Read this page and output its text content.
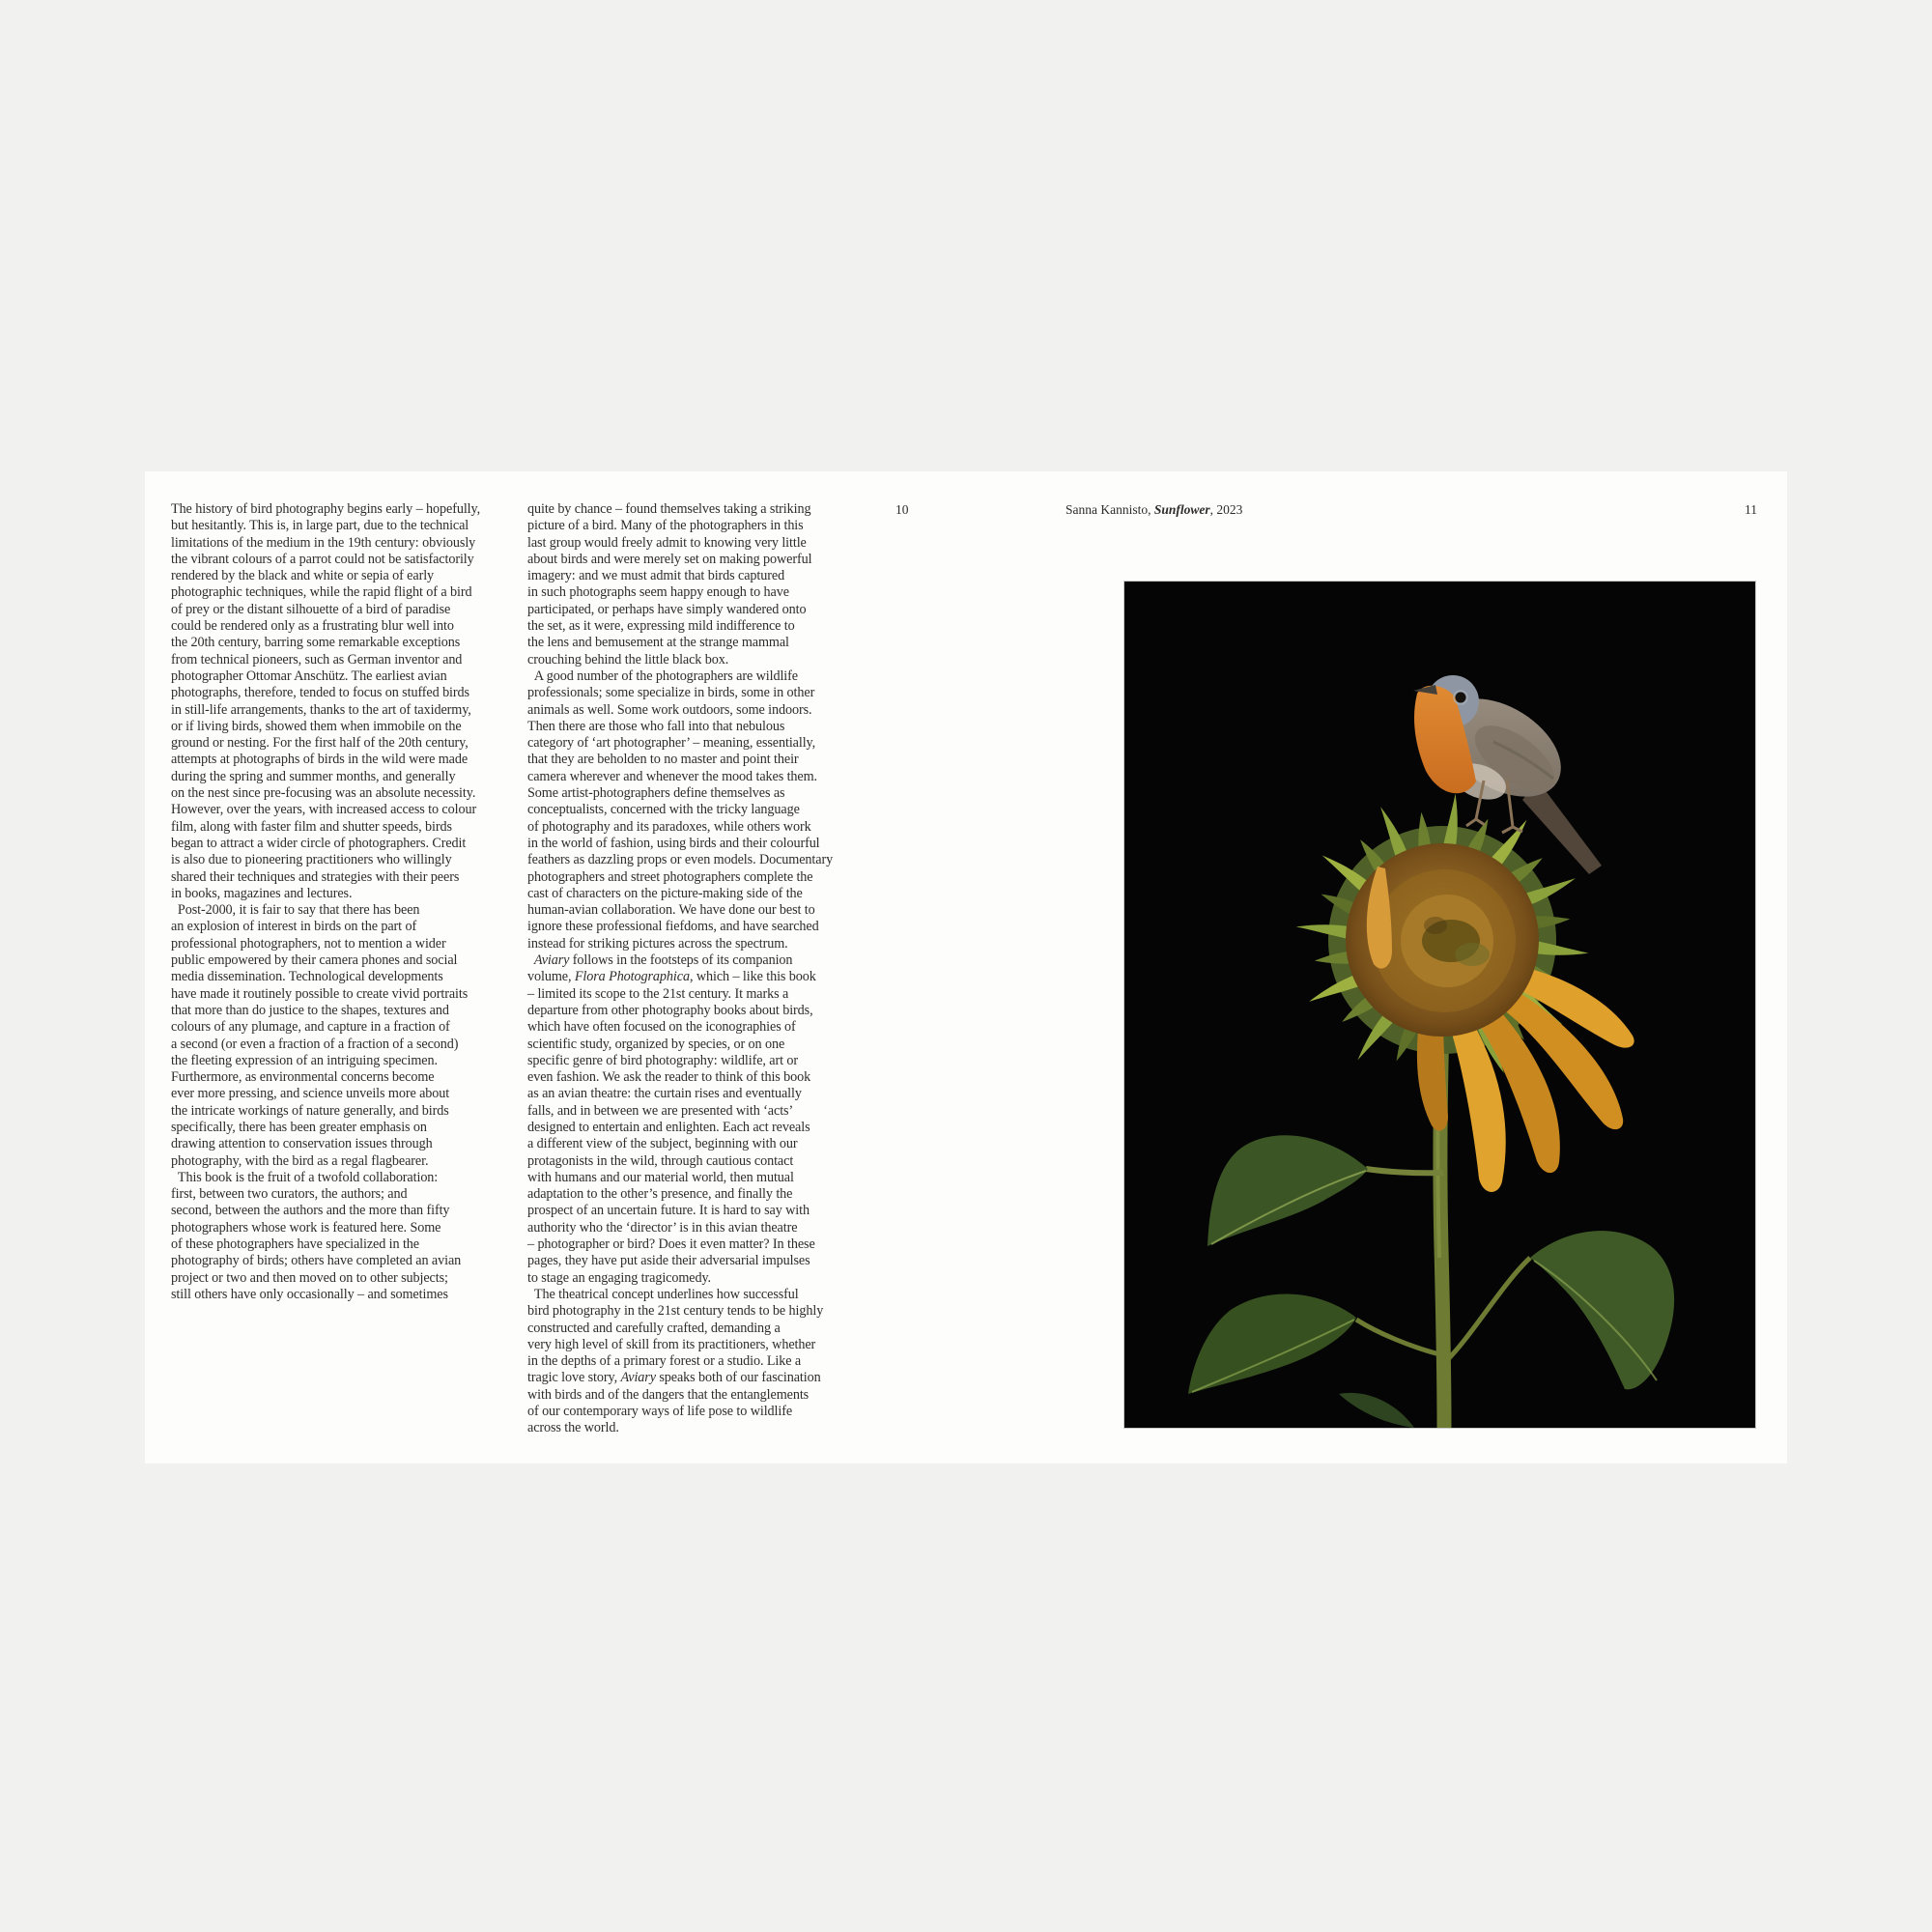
The history of bird photography begins early – hopefully,
but hesitantly. This is, in large part, due to the technical
limitations of the medium in the 19th century: obviously
the vibrant colours of a parrot could not be satisfactorily
rendered by the black and white or sepia of early
photographic techniques, while the rapid flight of a bird
of prey or the distant silhouette of a bird of paradise
could be rendered only as a frustrating blur well into
the 20th century, barring some remarkable exceptions
from technical pioneers, such as German inventor and
photographer Ottomar Anschütz. The earliest avian
photographs, therefore, tended to focus on stuffed birds
in still-life arrangements, thanks to the art of taxidermy,
or if living birds, showed them when immobile on the
ground or nesting. For the first half of the 20th century,
attempts at photographs of birds in the wild were made
during the spring and summer months, and generally
on the nest since pre-focusing was an absolute necessity.
However, over the years, with increased access to colour
film, along with faster film and shutter speeds, birds
began to attract a wider circle of photographers. Credit
is also due to pioneering practitioners who willingly
shared their techniques and strategies with their peers
in books, magazines and lectures.
	Post-2000, it is fair to say that there has been
an explosion of interest in birds on the part of
professional photographers, not to mention a wider
public empowered by their camera phones and social
media dissemination. Technological developments
have made it routinely possible to create vivid portraits
that more than do justice to the shapes, textures and
colours of any plumage, and capture in a fraction of
a second (or even a fraction of a fraction of a second)
the fleeting expression of an intriguing specimen.
Furthermore, as environmental concerns become
ever more pressing, and science unveils more about
the intricate workings of nature generally, and birds
specifically, there has been greater emphasis on
drawing attention to conservation issues through
photography, with the bird as a regal flagbearer.
	This book is the fruit of a twofold collaboration:
first, between two curators, the authors; and
second, between the authors and the more than fifty
photographers whose work is featured here. Some
of these photographers have specialized in the
photography of birds; others have completed an avian
project or two and then moved on to other subjects;
still others have only occasionally – and sometimes
quite by chance – found themselves taking a striking
picture of a bird. Many of the photographers in this
last group would freely admit to knowing very little
about birds and were merely set on making powerful
imagery: and we must admit that birds captured
in such photographs seem happy enough to have
participated, or perhaps have simply wandered onto
the set, as it were, expressing mild indifference to
the lens and bemusement at the strange mammal
crouching behind the little black box.
	A good number of the photographers are wildlife
professionals; some specialize in birds, some in other
animals as well. Some work outdoors, some indoors.
Then there are those who fall into that nebulous
category of ‘art photographer’ – meaning, essentially,
that they are beholden to no master and point their
camera wherever and whenever the mood takes them.
Some artist-photographers define themselves as
conceptualists, concerned with the tricky language
of photography and its paradoxes, while others work
in the world of fashion, using birds and their colourful
feathers as dazzling props or even models. Documentary
photographers and street photographers complete the
cast of characters on the picture-making side of the
human-avian collaboration. We have done our best to
ignore these professional fiefdoms, and have searched
instead for striking pictures across the spectrum.
	Aviary follows in the footsteps of its companion
volume, Flora Photographica, which – like this book
– limited its scope to the 21st century. It marks a
departure from other photography books about birds,
which have often focused on the iconographies of
scientific study, organized by species, or on one
specific genre of bird photography: wildlife, art or
even fashion. We ask the reader to think of this book
as an avian theatre: the curtain rises and eventually
falls, and in between we are presented with ‘acts’
designed to entertain and enlighten. Each act reveals
a different view of the subject, beginning with our
protagonists in the wild, through cautious contact
with humans and our material world, then mutual
adaptation to the other’s presence, and finally the
prospect of an uncertain future. It is hard to say with
authority who the ‘director’ is in this avian theatre
– photographer or bird? Does it even matter? In these
pages, they have put aside their adversarial impulses
to stage an engaging tragicomedy.
	The theatrical concept underlines how successful
bird photography in the 21st century tends to be highly
constructed and carefully crafted, demanding a
very high level of skill from its practitioners, whether
in the depths of a primary forest or a studio. Like a
tragic love story, Aviary speaks both of our fascination
with birds and of the dangers that the entanglements
of our contemporary ways of life pose to wildlife
across the world.
10	Sanna Kannisto, Sunflower, 2023	11
